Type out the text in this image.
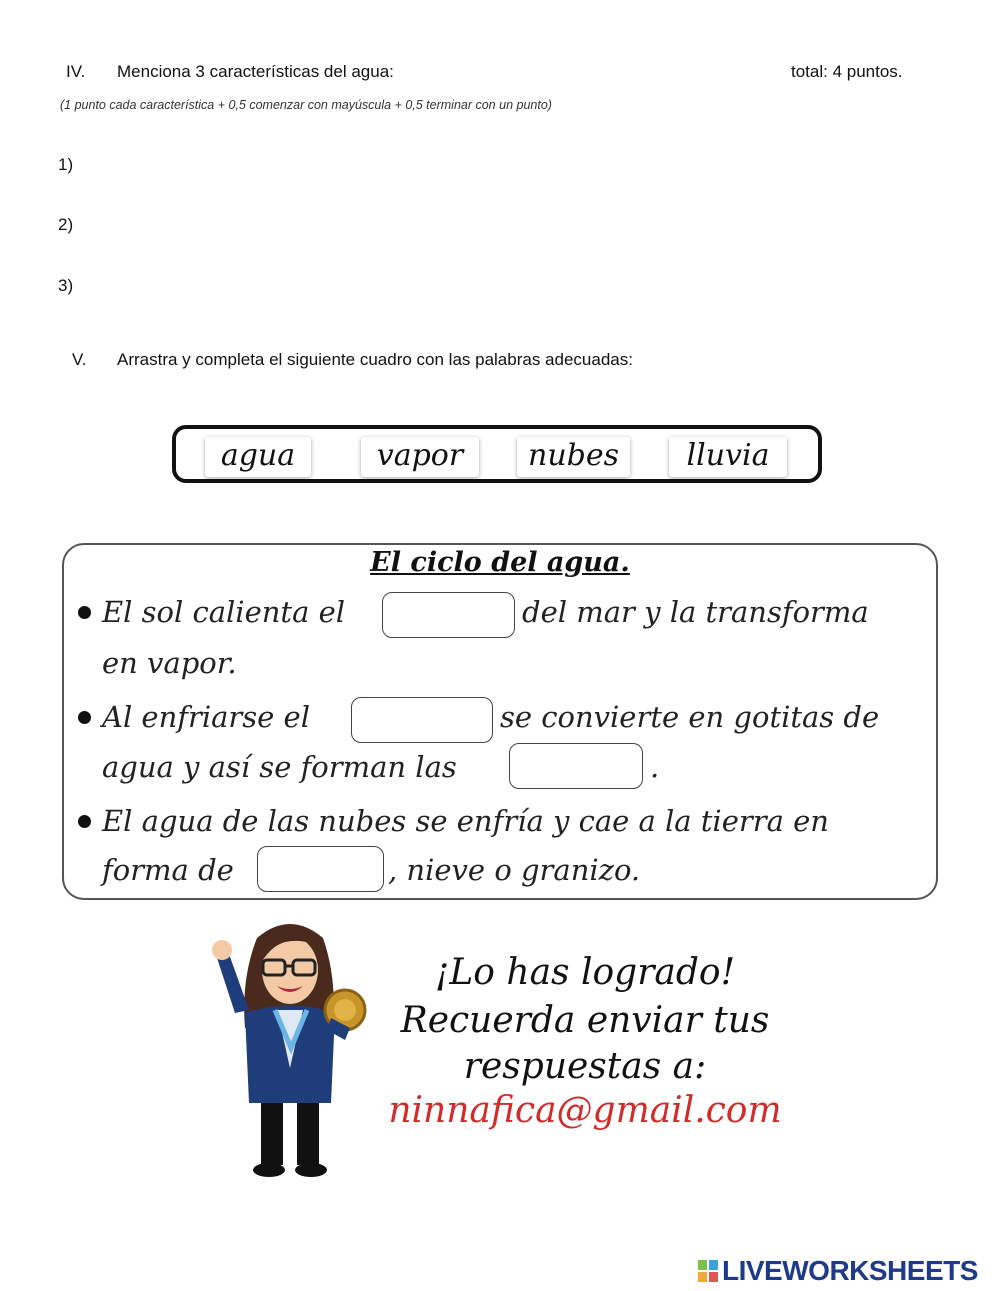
IV.	Menciona 3 características del agua:	total: 4 puntos.
(1 punto cada característica + 0,5 comenzar con mayúscula + 0,5 terminar con un punto)
1)
2)
3)
V.	Arrastra y completa el siguiente cuadro con las palabras adecuadas:
agua	vapor	nubes	lluvia
El ciclo del agua.
El sol calienta el	del mar y la transforma
en vapor.
Al enfriarse el	se convierte en gotitas de
agua y así se forman las	.
El agua de las nubes se enfría y cae a la tierra en
forma de	, nieve o granizo.
¡Lo has logrado!
Recuerda enviar tus
respuestas a:
ninnafica@gmail.com
LIVEWORKSHEETS
